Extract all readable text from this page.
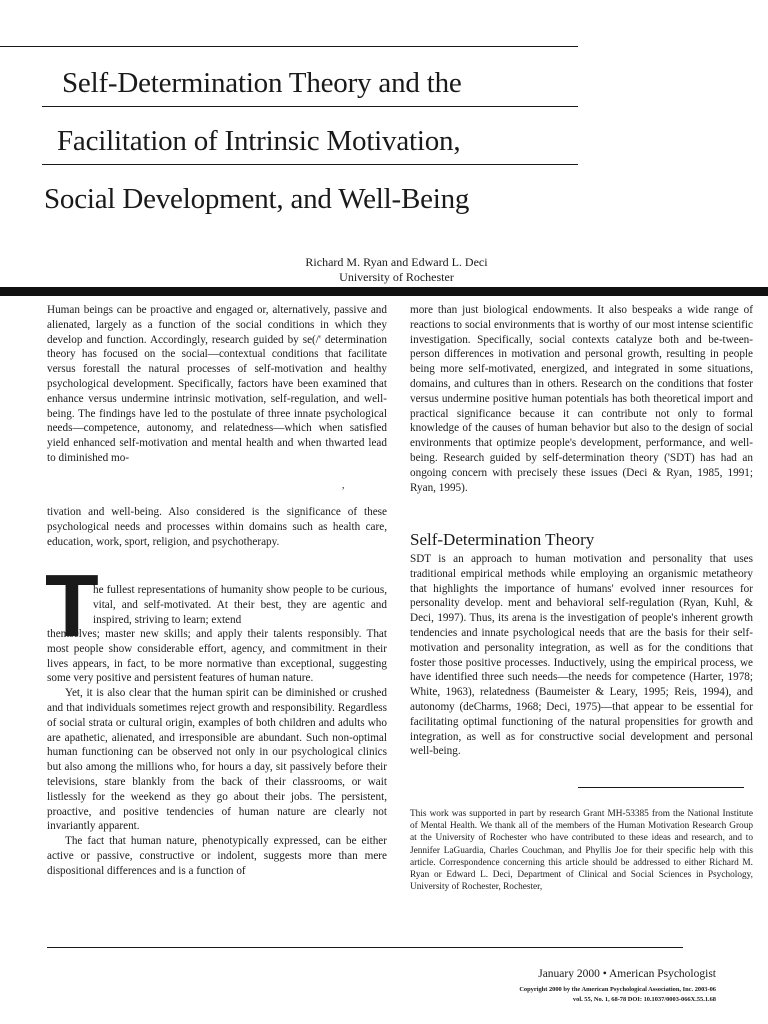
Self-Determination Theory and the
Facilitation of Intrinsic Motivation,
Social Development, and Well-Being
Richard M. Ryan and Edward L. Deci
University of Rochester

Human beings can be proactive and engaged or, alternatively, passive and alienated, largely as a function of the social conditions in which they develop and function. Accordingly, research guided by se(/' determination theory has focused on the social—contextual conditions that facilitate versus forestall the natural processes of self-motivation and healthy psychological development. Specifically, factors have been examined that enhance versus undermine intrinsic motivation, self-regulation, and well-being. The findings have led to the postulate of three innate psychological needs—competence, autonomy, and relatedness—which when satisfied yield enhanced self-motivation and mental health and when thwarted lead to diminished mo-

,

tivation and well-being. Also considered is the significance of these psychological needs and processes within domains such as health care, education, work, sport, religion, and psychotherapy.

T

he fullest representations of humanity show people to be curious, vital, and self-motivated. At their best, they are agentic and inspired, striving to learn; extend

themselves; master new skills; and apply their talents responsibly. That most people show considerable effort, agency, and commitment in their lives appears, in fact, to be more normative than exceptional, suggesting some very positive and persistent features of human nature.

Yet, it is also clear that the human spirit can be diminished or crushed and that individuals sometimes reject growth and responsibility. Regardless of social strata or cultural origin, examples of both children and adults who are apathetic, alienated, and irresponsible are abundant. Such non-optimal human functioning can be observed not only in our psychological clinics but also among the millions who, for hours a day, sit passively before their televisions, stare blankly from the back of their classrooms, or wait listlessly for the weekend as they go about their jobs. The persistent, proactive, and positive tendencies of human nature are clearly not invariantly apparent.

The fact that human nature, phenotypically expressed, can be either active or passive, constructive or indolent, suggests more than mere dispositional differences and is a function of

more than just biological endowments. It also bespeaks a wide range of reactions to social environments that is worthy of our most intense scientific investigation. Specifically, social contexts catalyze both and be-tween-person differences in motivation and personal growth, resulting in people being more self-motivated, energized, and integrated in some situations, domains, and cultures than in others. Research on the conditions that foster versus undermine positive human potentials has both theoretical import and practical significance because it can contribute not only to formal knowledge of the causes of human behavior but also to the design of social environments that optimize people's development, performance, and well-being. Research guided by self-determination theory ('SDT) has had an ongoing concern with precisely these issues (Deci & Ryan, 1985, 1991; Ryan, 1995).

Self-Determination Theory

SDT is an approach to human motivation and personality that uses traditional empirical methods while employing an organismic metatheory that highlights the importance of humans' evolved inner resources for personality develop. ment and behavioral self-regulation (Ryan, Kuhl, & Deci, 1997). Thus, its arena is the investigation of people's inherent growth tendencies and innate psychological needs that are the basis for their self-motivation and personality integration, as well as for the conditions that foster those positive processes. Inductively, using the empirical process, we have identified three such needs—the needs for competence (Harter, 1978; White, 1963), relatedness (Baumeister & Leary, 1995; Reis, 1994), and autonomy (deCharms, 1968; Deci, 1975)—that appear to be essential for facilitating optimal functioning of the natural propensities for growth and integration, as well as for constructive social development and personal well-being.

This work was supported in part by research Grant MH-53385 from the National Institute of Mental Health. We thank all of the members of the Human Motivation Research Group at the University of Rochester who have contributed to these ideas and research, and to Jennifer LaGuardia, Charles Couchman, and Phyllis Joe for their specific help with this article. Correspondence concerning this article should be addressed to either Richard M. Ryan or Edward L. Deci, Department of Clinical and Social Sciences in Psychology, University of Rochester, Rochester,

January 2000 • American Psychologist
Copyright 2000 by the American Psychological Association, Inc. 2003-06
vol. 55, No. 1, 68-78 DOI: 10.1037/0003-066X.55.1.68
